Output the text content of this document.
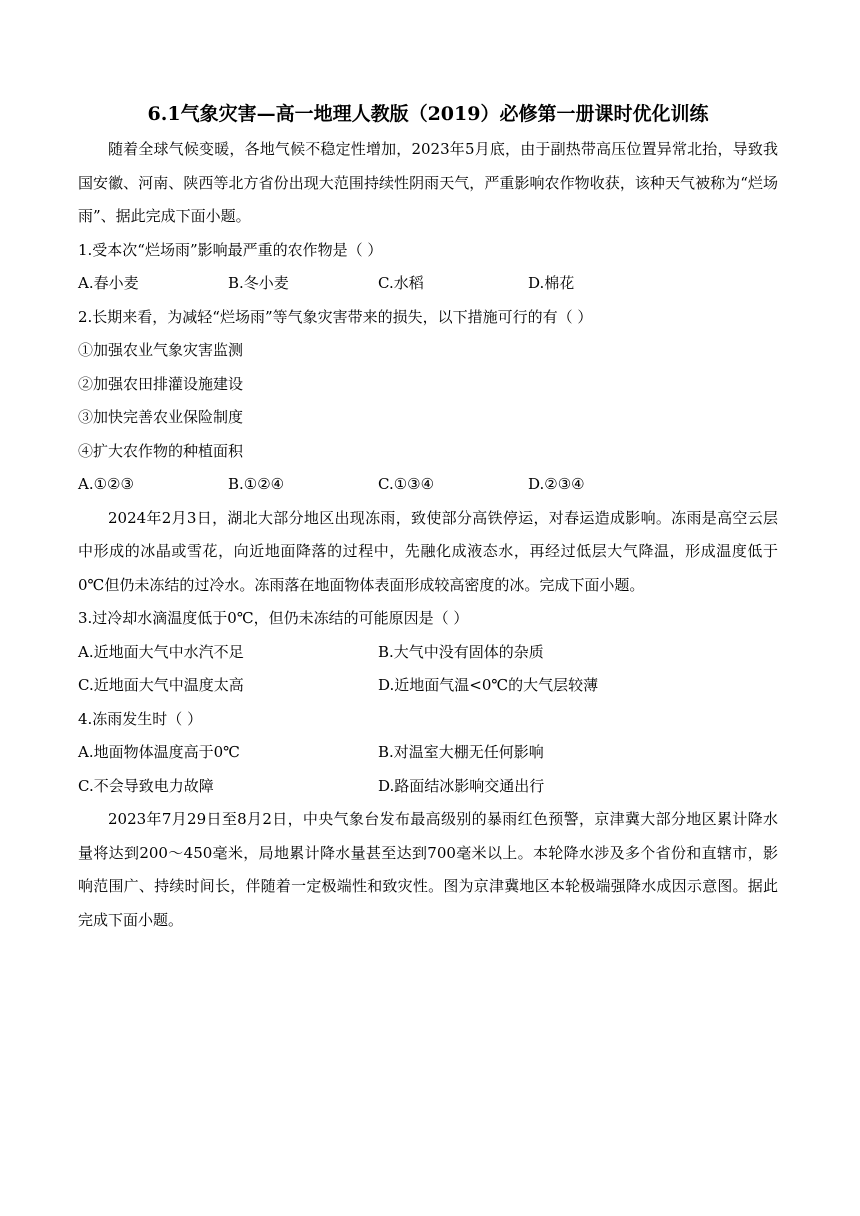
6.1气象灾害—高一地理人教版（2019）必修第一册课时优化训练

随着全球气候变暖，各地气候不稳定性增加，2023年5月底，由于副热带高压位置异常北抬，导致我国安徽、河南、陕西等北方省份出现大范围持续性阴雨天气，严重影响农作物收获，该种天气被称为“烂场雨”、据此完成下面小题。

1.受本次“烂场雨”影响最严重的农作物是（ ）
A.春小麦	B.冬小麦	C.水稻	D.棉花
2.长期来看，为减轻“烂场雨”等气象灾害带来的损失，以下措施可行的有（ ）
①加强农业气象灾害监测
②加强农田排灌设施建设
③加快完善农业保险制度
④扩大农作物的种植面积
A.①②③	B.①②④	C.①③④	D.②③④

2024年2月3日，湖北大部分地区出现冻雨，致使部分高铁停运，对春运造成影响。冻雨是高空云层中形成的冰晶或雪花，向近地面降落的过程中，先融化成液态水，再经过低层大气降温，形成温度低于0℃但仍未冻结的过冷水。冻雨落在地面物体表面形成较高密度的冰。完成下面小题。

3.过冷却水滴温度低于0℃，但仍未冻结的可能原因是（ ）
A.近地面大气中水汽不足	B.大气中没有固体的杂质
C.近地面大气中温度太高	D.近地面气温<0℃的大气层较薄
4.冻雨发生时（ ）
A.地面物体温度高于0℃	B.对温室大棚无任何影响
C.不会导致电力故障	D.路面结冰影响交通出行

2023年7月29日至8月2日，中央气象台发布最高级别的暴雨红色预警，京津冀大部分地区累计降水量将达到200～450毫米，局地累计降水量甚至达到700毫米以上。本轮降水涉及多个省份和直辖市，影响范围广、持续时间长，伴随着一定极端性和致灾性。图为京津冀地区本轮极端强降水成因示意图。据此完成下面小题。
